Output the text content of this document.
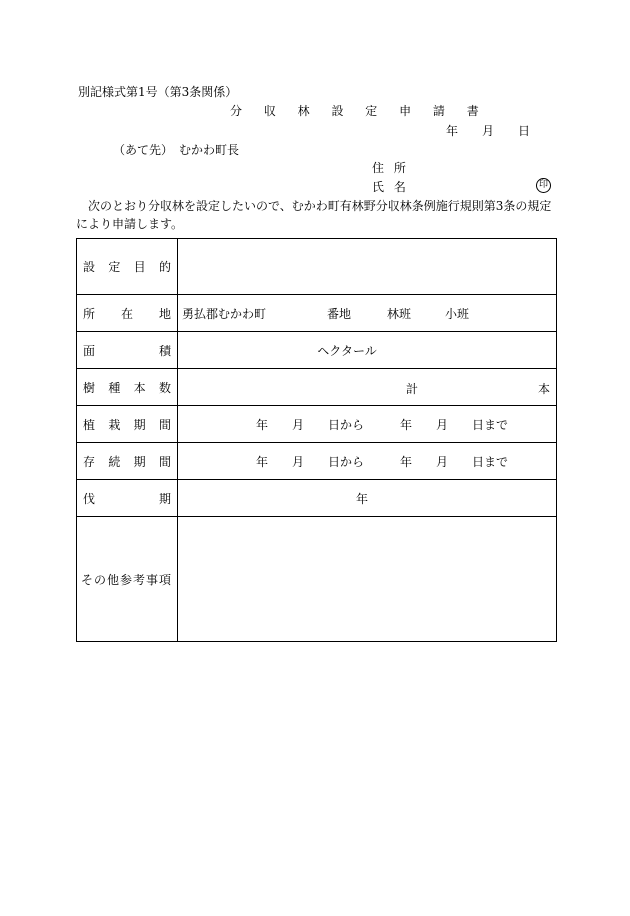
別記様式第1号（第3条関係）
分 収 林 設 定 申 請 書
年　　月　　日
（あて先）　むかわ町長
住 所
氏 名	印
次のとおり分収林を設定したいので、むかわ町有林野分収林条例施行規則第3条の規定により申請します。
設 定 目 的	

所 在 地	勇払郡むかわ町 番地 林班 小班

面 積	ヘクタール

樹 種 本 数	計 本

植 栽 期 間	年　　月　　日から　　　年　　月　　日まで

存 続 期 間	年　　月　　日から　　　年　　月　　日まで

伐 期	年
その他参考事項	
